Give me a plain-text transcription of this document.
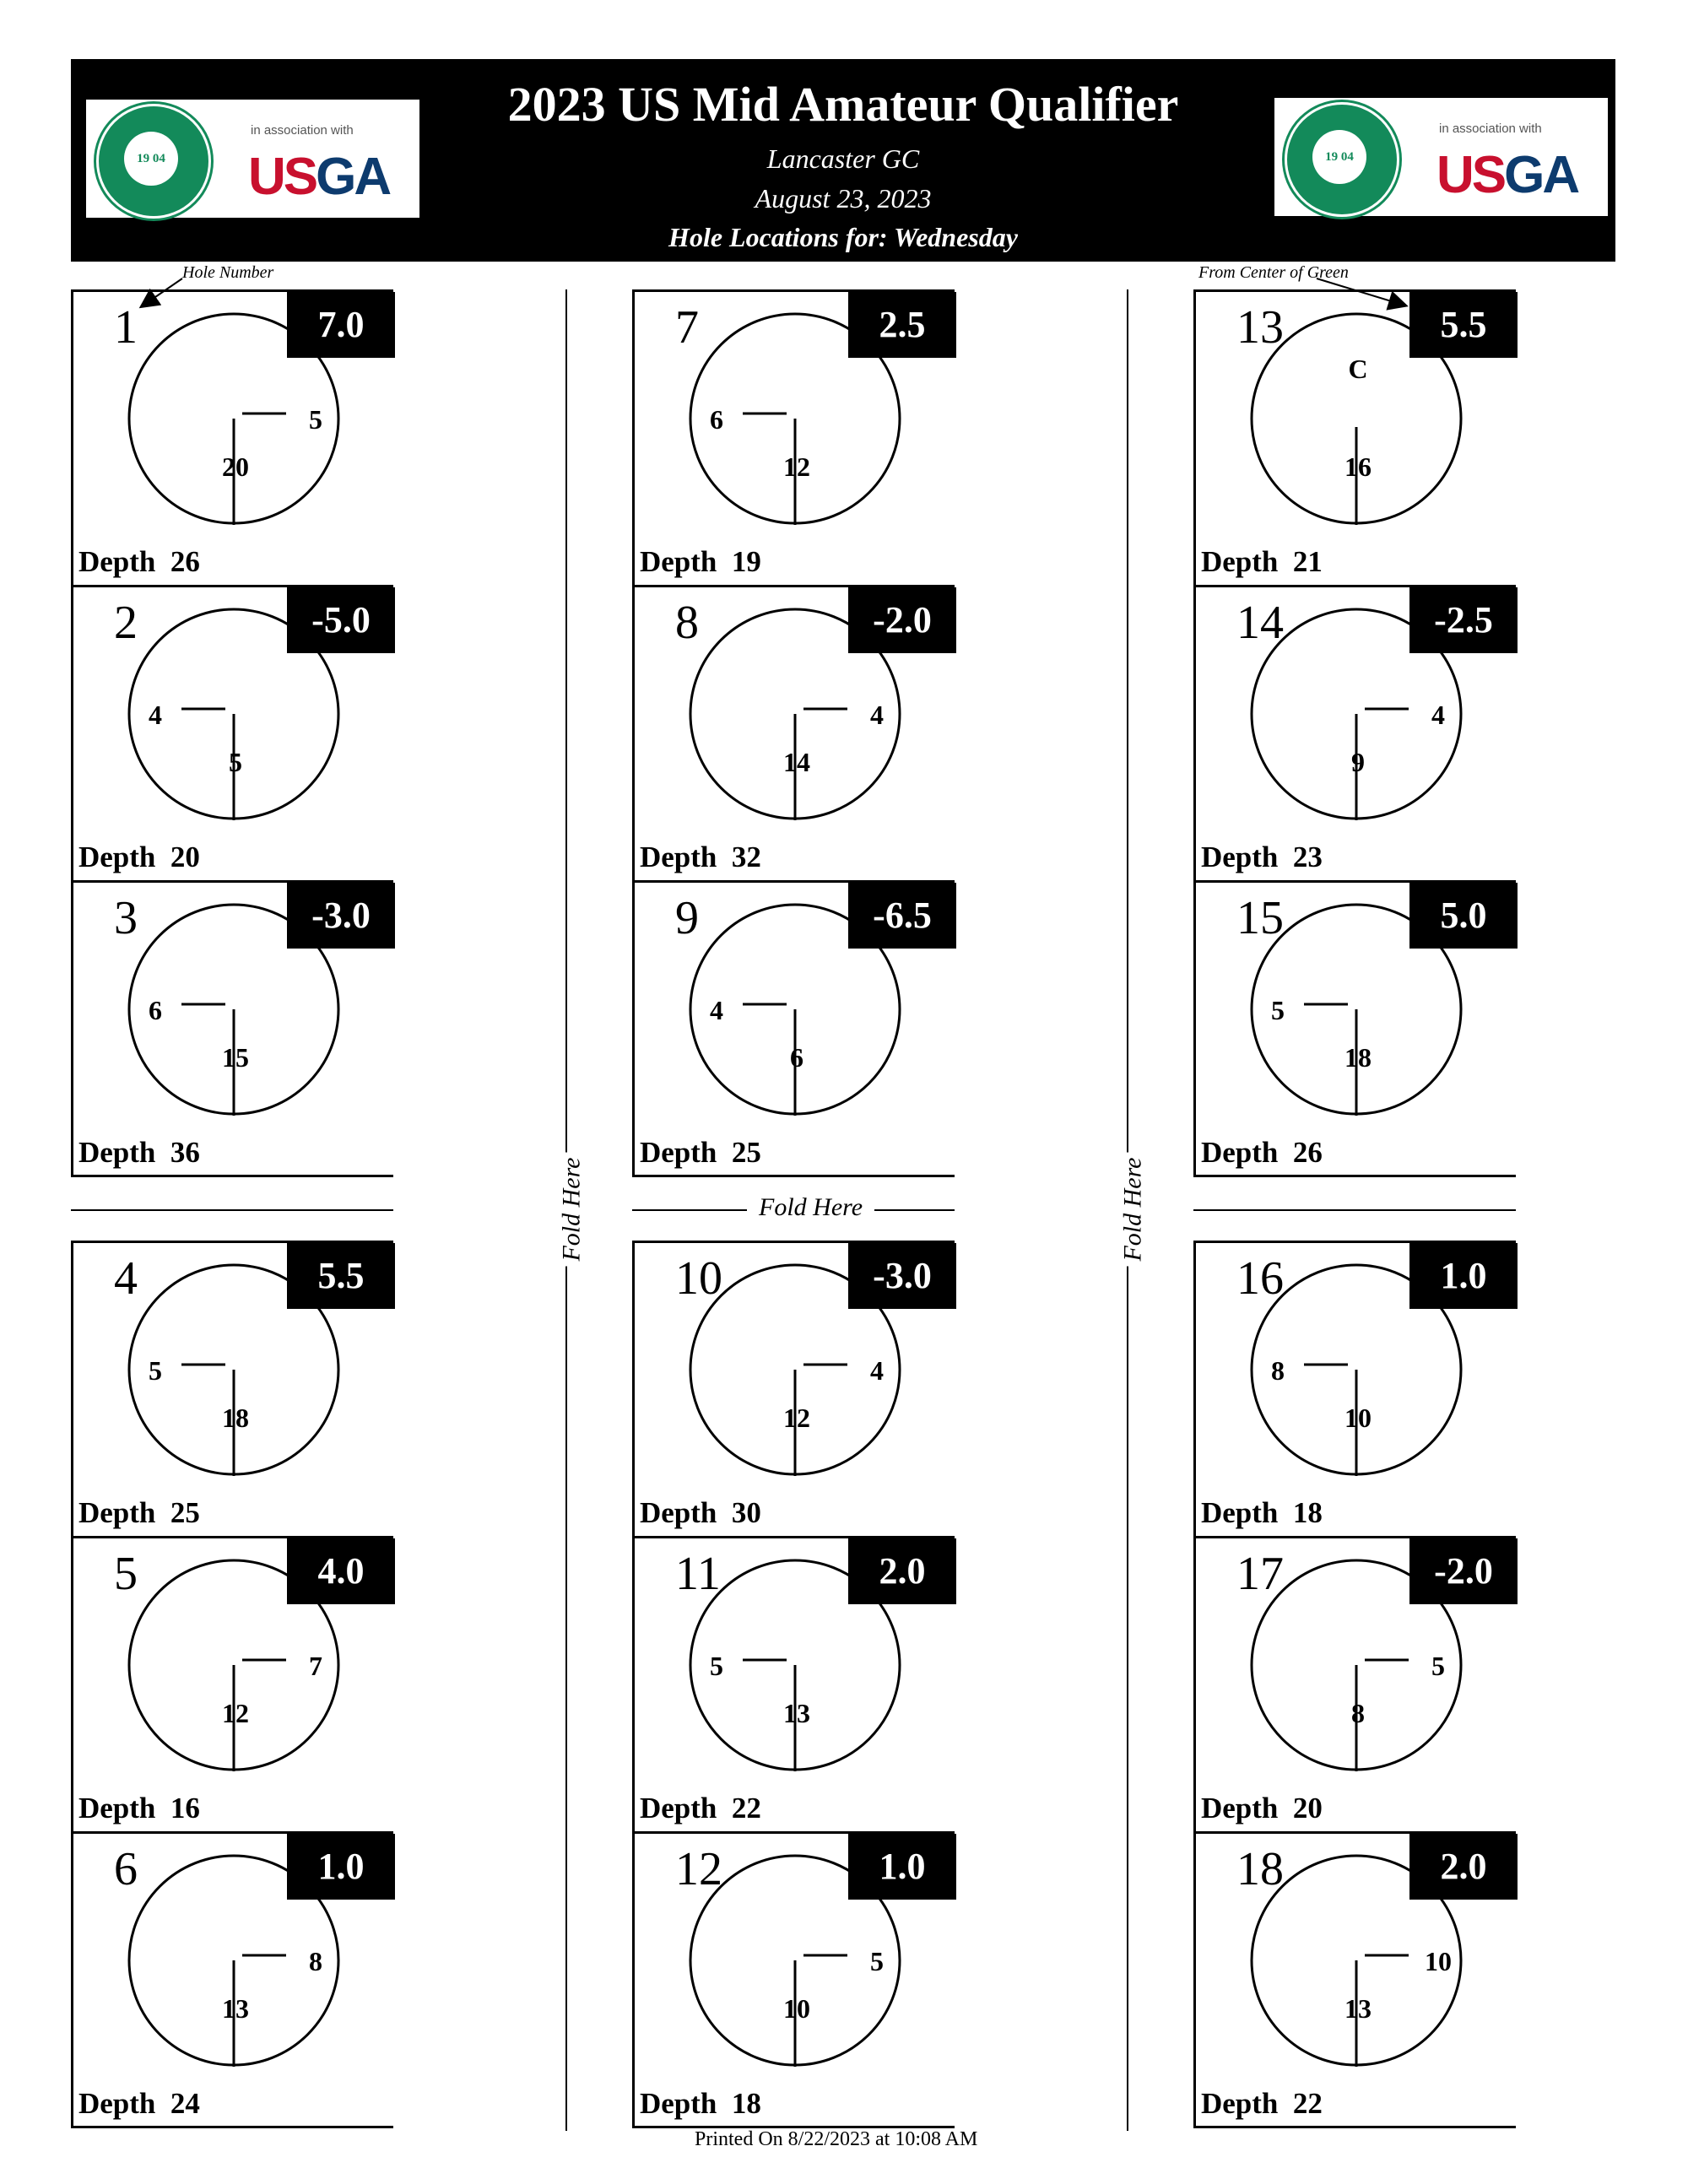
19 04
in association with
USGA
2023 US Mid Amateur Qualifier
Lancaster GC
August 23, 2023
Hole Locations for: Wednesday
19 04
in association with
USGA
Hole Number	From Center of Green
5
20
1	7.0
Depth  26
4
5
2	-5.0
Depth  20
6
15
3	-3.0
Depth  36
5
18
4	5.5
Depth  25
7
12
5	4.0
Depth  16
8
13
6	1.0
Depth  24
6
12
7	2.5
Depth  19
4
14
8	-2.0
Depth  32
4
6
9	-6.5
Depth  25
4
12
10	-3.0
Depth  30
5
13
11	2.0
Depth  22
5
10
12	1.0
Depth  18
C
16
13	5.5
Depth  21
4
9
14	-2.5
Depth  23
5
18
15	5.0
Depth  26
8
10
16	1.0
Depth  18
5
8
17	-2.0
Depth  20
10
13
18	2.0
Depth  22
Fold Here	Fold Here
Fold Here
Printed On 8/22/2023 at 10:08 AM
